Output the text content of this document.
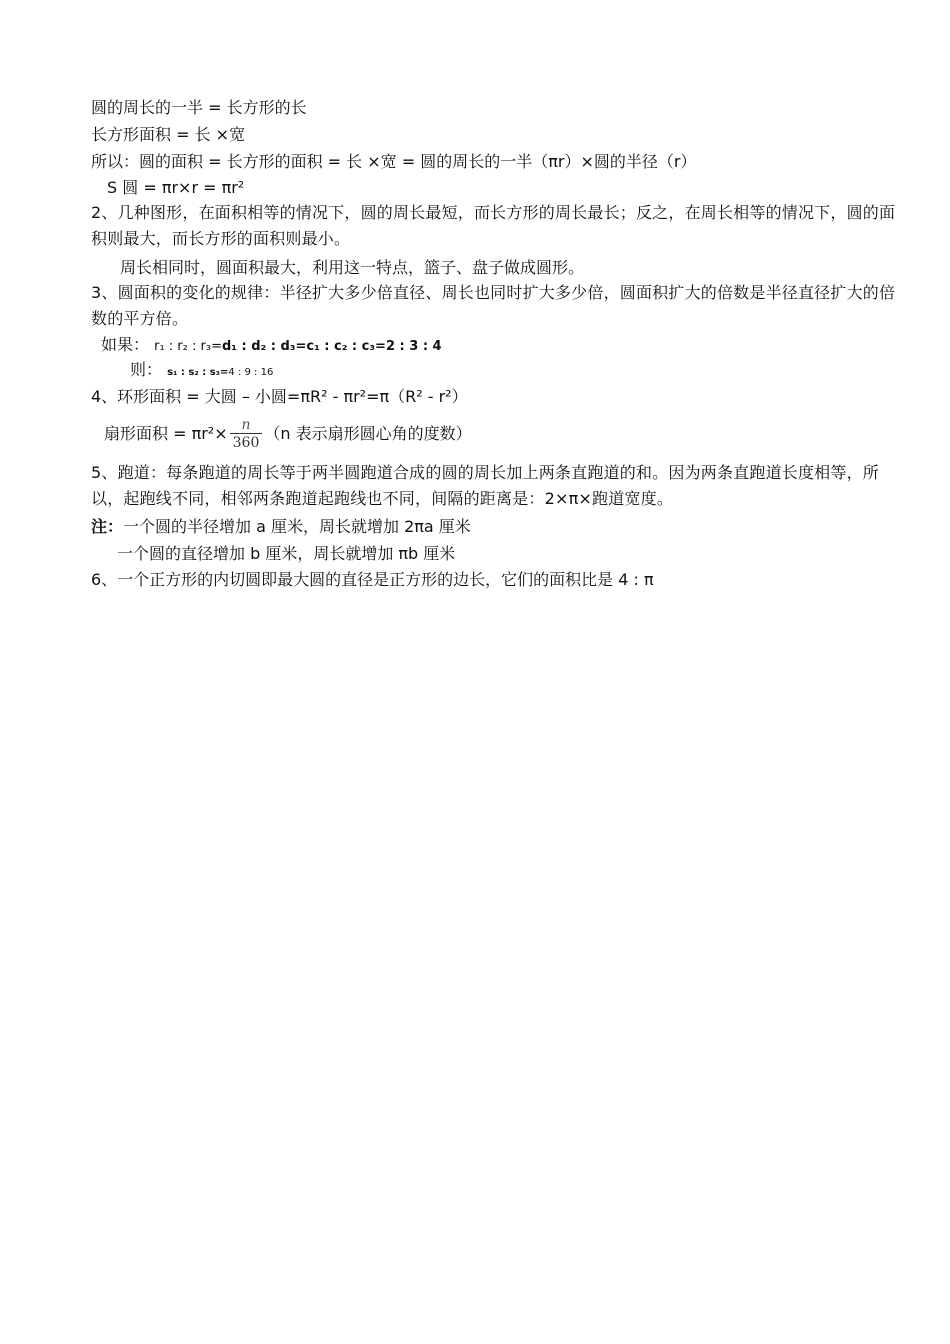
圆的周长的一半 = 长方形的长
长方形面积 = 长 ×宽
所以：圆的面积 = 长方形的面积 = 长 ×宽 = 圆的周长的一半（πr）×圆的半径（r）
S 圆 = πr×r = πr²
2、几种图形，在面积相等的情况下，圆的周长最短，而长方形的周长最长；反之，在周长相等的情况下，圆的面积则最大，而长方形的面积则最小。
周长相同时，圆面积最大，利用这一特点，篮子、盘子做成圆形。
3、圆面积的变化的规律：半径扩大多少倍直径、周长也同时扩大多少倍，圆面积扩大的倍数是半径直径扩大的倍数的平方倍。
如果： r₁ : r₂ : r₃=d₁ : d₂ : d₃=c₁ : c₂ : c₃=2 : 3 : 4
则： s₁ : s₂ : s₃=4 : 9 : 16
4、环形面积 = 大圆 – 小圆=πR² - πr²=π（R² - r²）
扇形面积 = $\pi r^2\times \frac{n}{360} (n$ 表示扇形圆心角的度数）
5、跑道：每条跑道的周长等于两半圆跑道合成的圆的周长加上两条直跑道的和。因为两条直跑道长度相等，所以，起跑线不同，相邻两条跑道起跑线也不同，间隔的距离是：2×π×跑道宽度。
注：一个圆的半径增加 a 厘米，周长就增加 2πa 厘米
一个圆的直径增加 b 厘米，周长就增加 πb 厘米
6、一个正方形的内切圆即最大圆的直径是正方形的边长，它们的面积比是 4 : π
